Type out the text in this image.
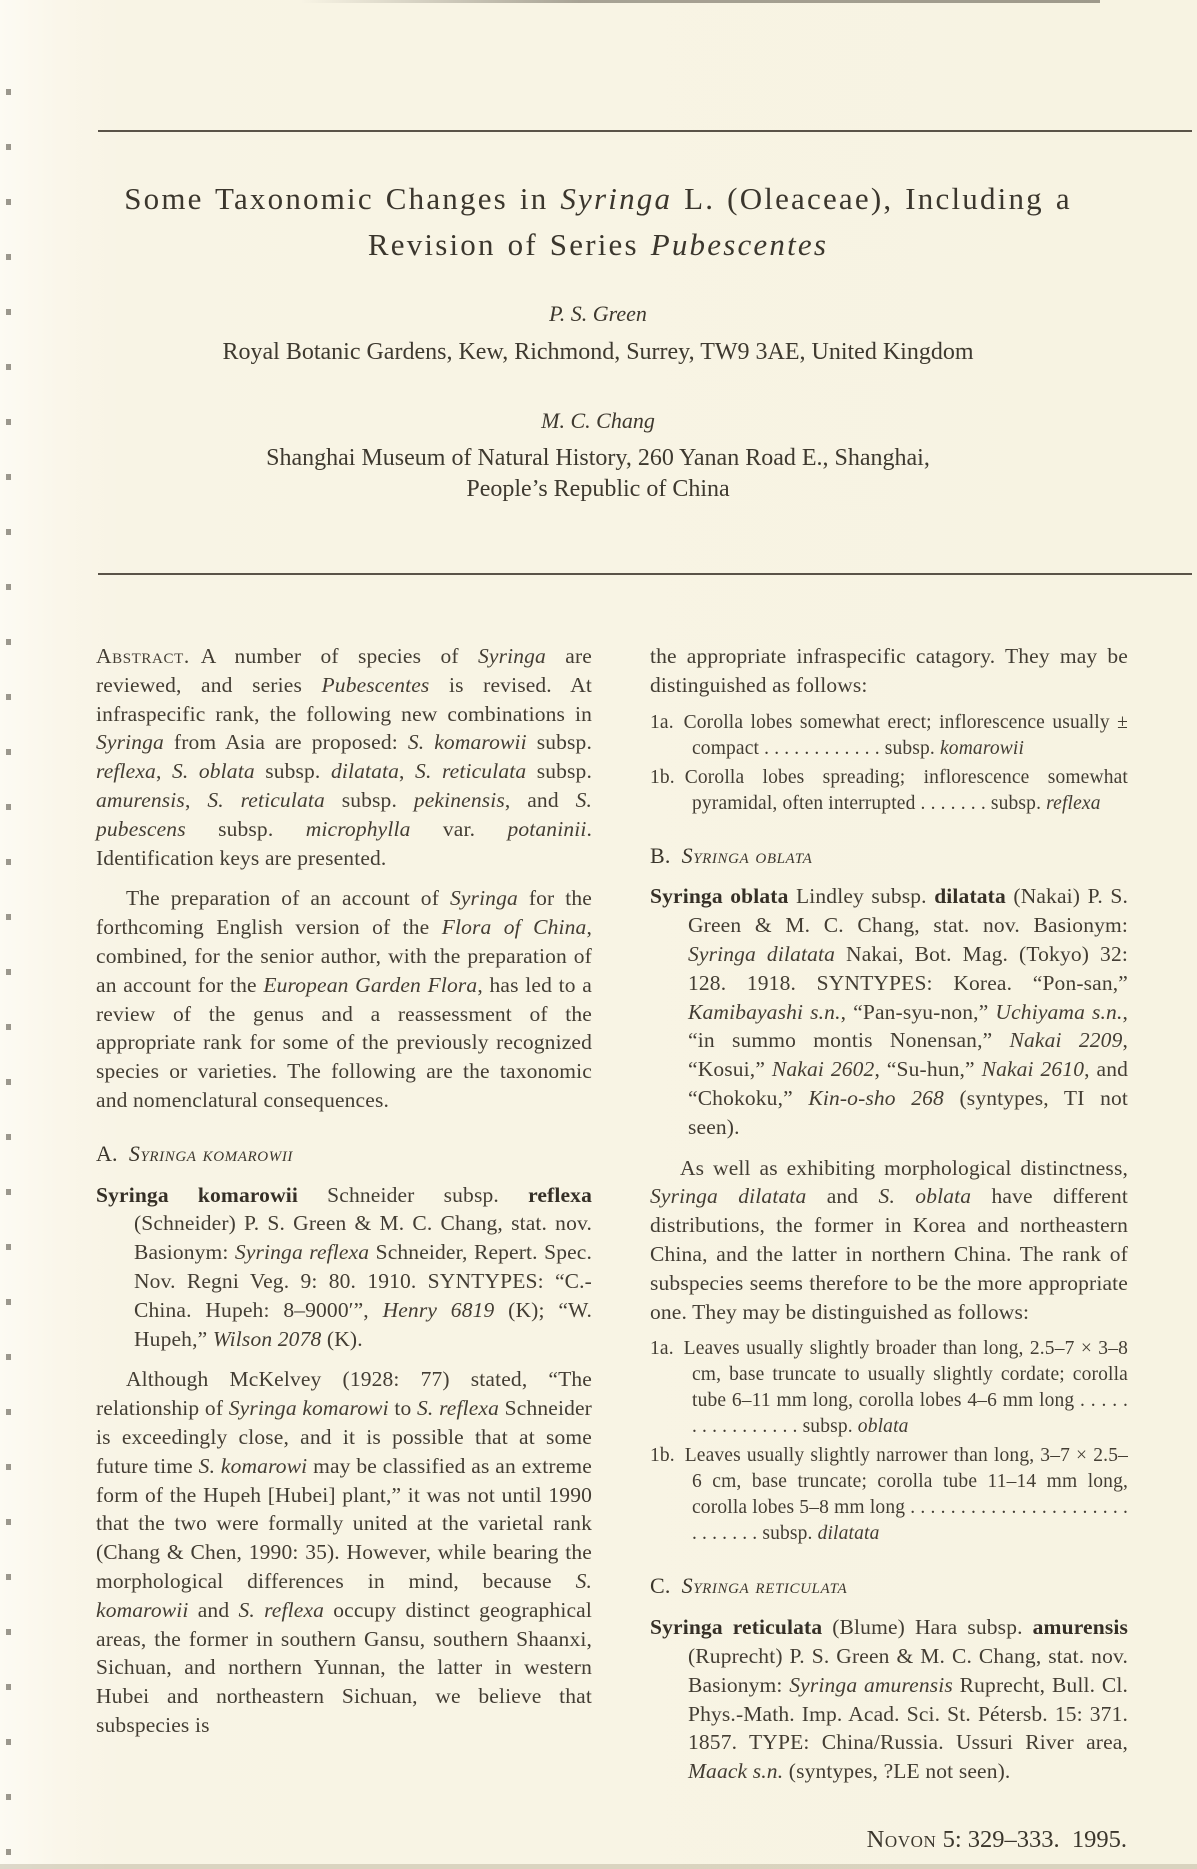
Some Taxonomic Changes in Syringa L. (Oleaceae), Including a
Revision of Series Pubescentes
P. S. Green
Royal Botanic Gardens, Kew, Richmond, Surrey, TW9 3AE, United Kingdom
M. C. Chang
Shanghai Museum of Natural History, 260 Yanan Road E., Shanghai,
People’s Republic of China
Abstract. A number of species of Syringa are reviewed, and series Pubescentes is revised. At infraspecific rank, the following new combinations in Syringa from Asia are proposed: S. komarowii subsp. reflexa, S. oblata subsp. dilatata, S. reticulata subsp. amurensis, S. reticulata subsp. pekinensis, and S. pubescens subsp. microphylla var. potaninii. Identification keys are presented.
The preparation of an account of Syringa for the forthcoming English version of the Flora of China, combined, for the senior author, with the preparation of an account for the European Garden Flora, has led to a review of the genus and a reassessment of the appropriate rank for some of the previously recognized species or varieties. The following are the taxonomic and nomenclatural consequences.
A. Syringa komarowii
Syringa komarowii Schneider subsp. reflexa (Schneider) P. S. Green & M. C. Chang, stat. nov. Basionym: Syringa reflexa Schneider, Repert. Spec. Nov. Regni Veg. 9: 80. 1910. SYNTYPES: “C.-China. Hupeh: 8–9000′”, Henry 6819 (K); “W. Hupeh,” Wilson 2078 (K).
Although McKelvey (1928: 77) stated, “The relationship of Syringa komarowi to S. reflexa Schneider is exceedingly close, and it is possible that at some future time S. komarowi may be classified as an extreme form of the Hupeh [Hubei] plant,” it was not until 1990 that the two were formally united at the varietal rank (Chang & Chen, 1990: 35). However, while bearing the morphological differences in mind, because S. komarowii and S. reflexa occupy distinct geographical areas, the former in southern Gansu, southern Shaanxi, Sichuan, and northern Yunnan, the latter in western Hubei and northeastern Sichuan, we believe that subspecies is
the appropriate infraspecific catagory. They may be distinguished as follows:
1a. Corolla lobes somewhat erect; inflorescence usually ± compact . . . . . . . . . . . . subsp. komarowii
1b. Corolla lobes spreading; inflorescence somewhat pyramidal, often interrupted . . . . . . . subsp. reflexa
B. Syringa oblata
Syringa oblata Lindley subsp. dilatata (Nakai) P. S. Green & M. C. Chang, stat. nov. Basionym: Syringa dilatata Nakai, Bot. Mag. (Tokyo) 32: 128. 1918. SYNTYPES: Korea. “Pon-san,” Kamibayashi s.n., “Pan-syu-non,” Uchiyama s.n., “in summo montis Nonensan,” Nakai 2209, “Kosui,” Nakai 2602, “Su-hun,” Nakai 2610, and “Chokoku,” Kin-o-sho 268 (syntypes, TI not seen).
As well as exhibiting morphological distinctness, Syringa dilatata and S. oblata have different distributions, the former in Korea and northeastern China, and the latter in northern China. The rank of subspecies seems therefore to be the more appropriate one. They may be distinguished as follows:
1a. Leaves usually slightly broader than long, 2.5–7 × 3–8 cm, base truncate to usually slightly cordate; corolla tube 6–11 mm long, corolla lobes 4–6 mm long . . . . . . . . . . . . . . . . subsp. oblata
1b. Leaves usually slightly narrower than long, 3–7 × 2.5–6 cm, base truncate; corolla tube 11–14 mm long, corolla lobes 5–8 mm long . . . . . . . . . . . . . . . . . . . . . . . . . . . . . subsp. dilatata
C. Syringa reticulata
Syringa reticulata (Blume) Hara subsp. amurensis (Ruprecht) P. S. Green & M. C. Chang, stat. nov. Basionym: Syringa amurensis Ruprecht, Bull. Cl. Phys.-Math. Imp. Acad. Sci. St. Pétersb. 15: 371. 1857. TYPE: China/Russia. Ussuri River area, Maack s.n. (syntypes, ?LE not seen).
Novon 5: 329–333. 1995.
